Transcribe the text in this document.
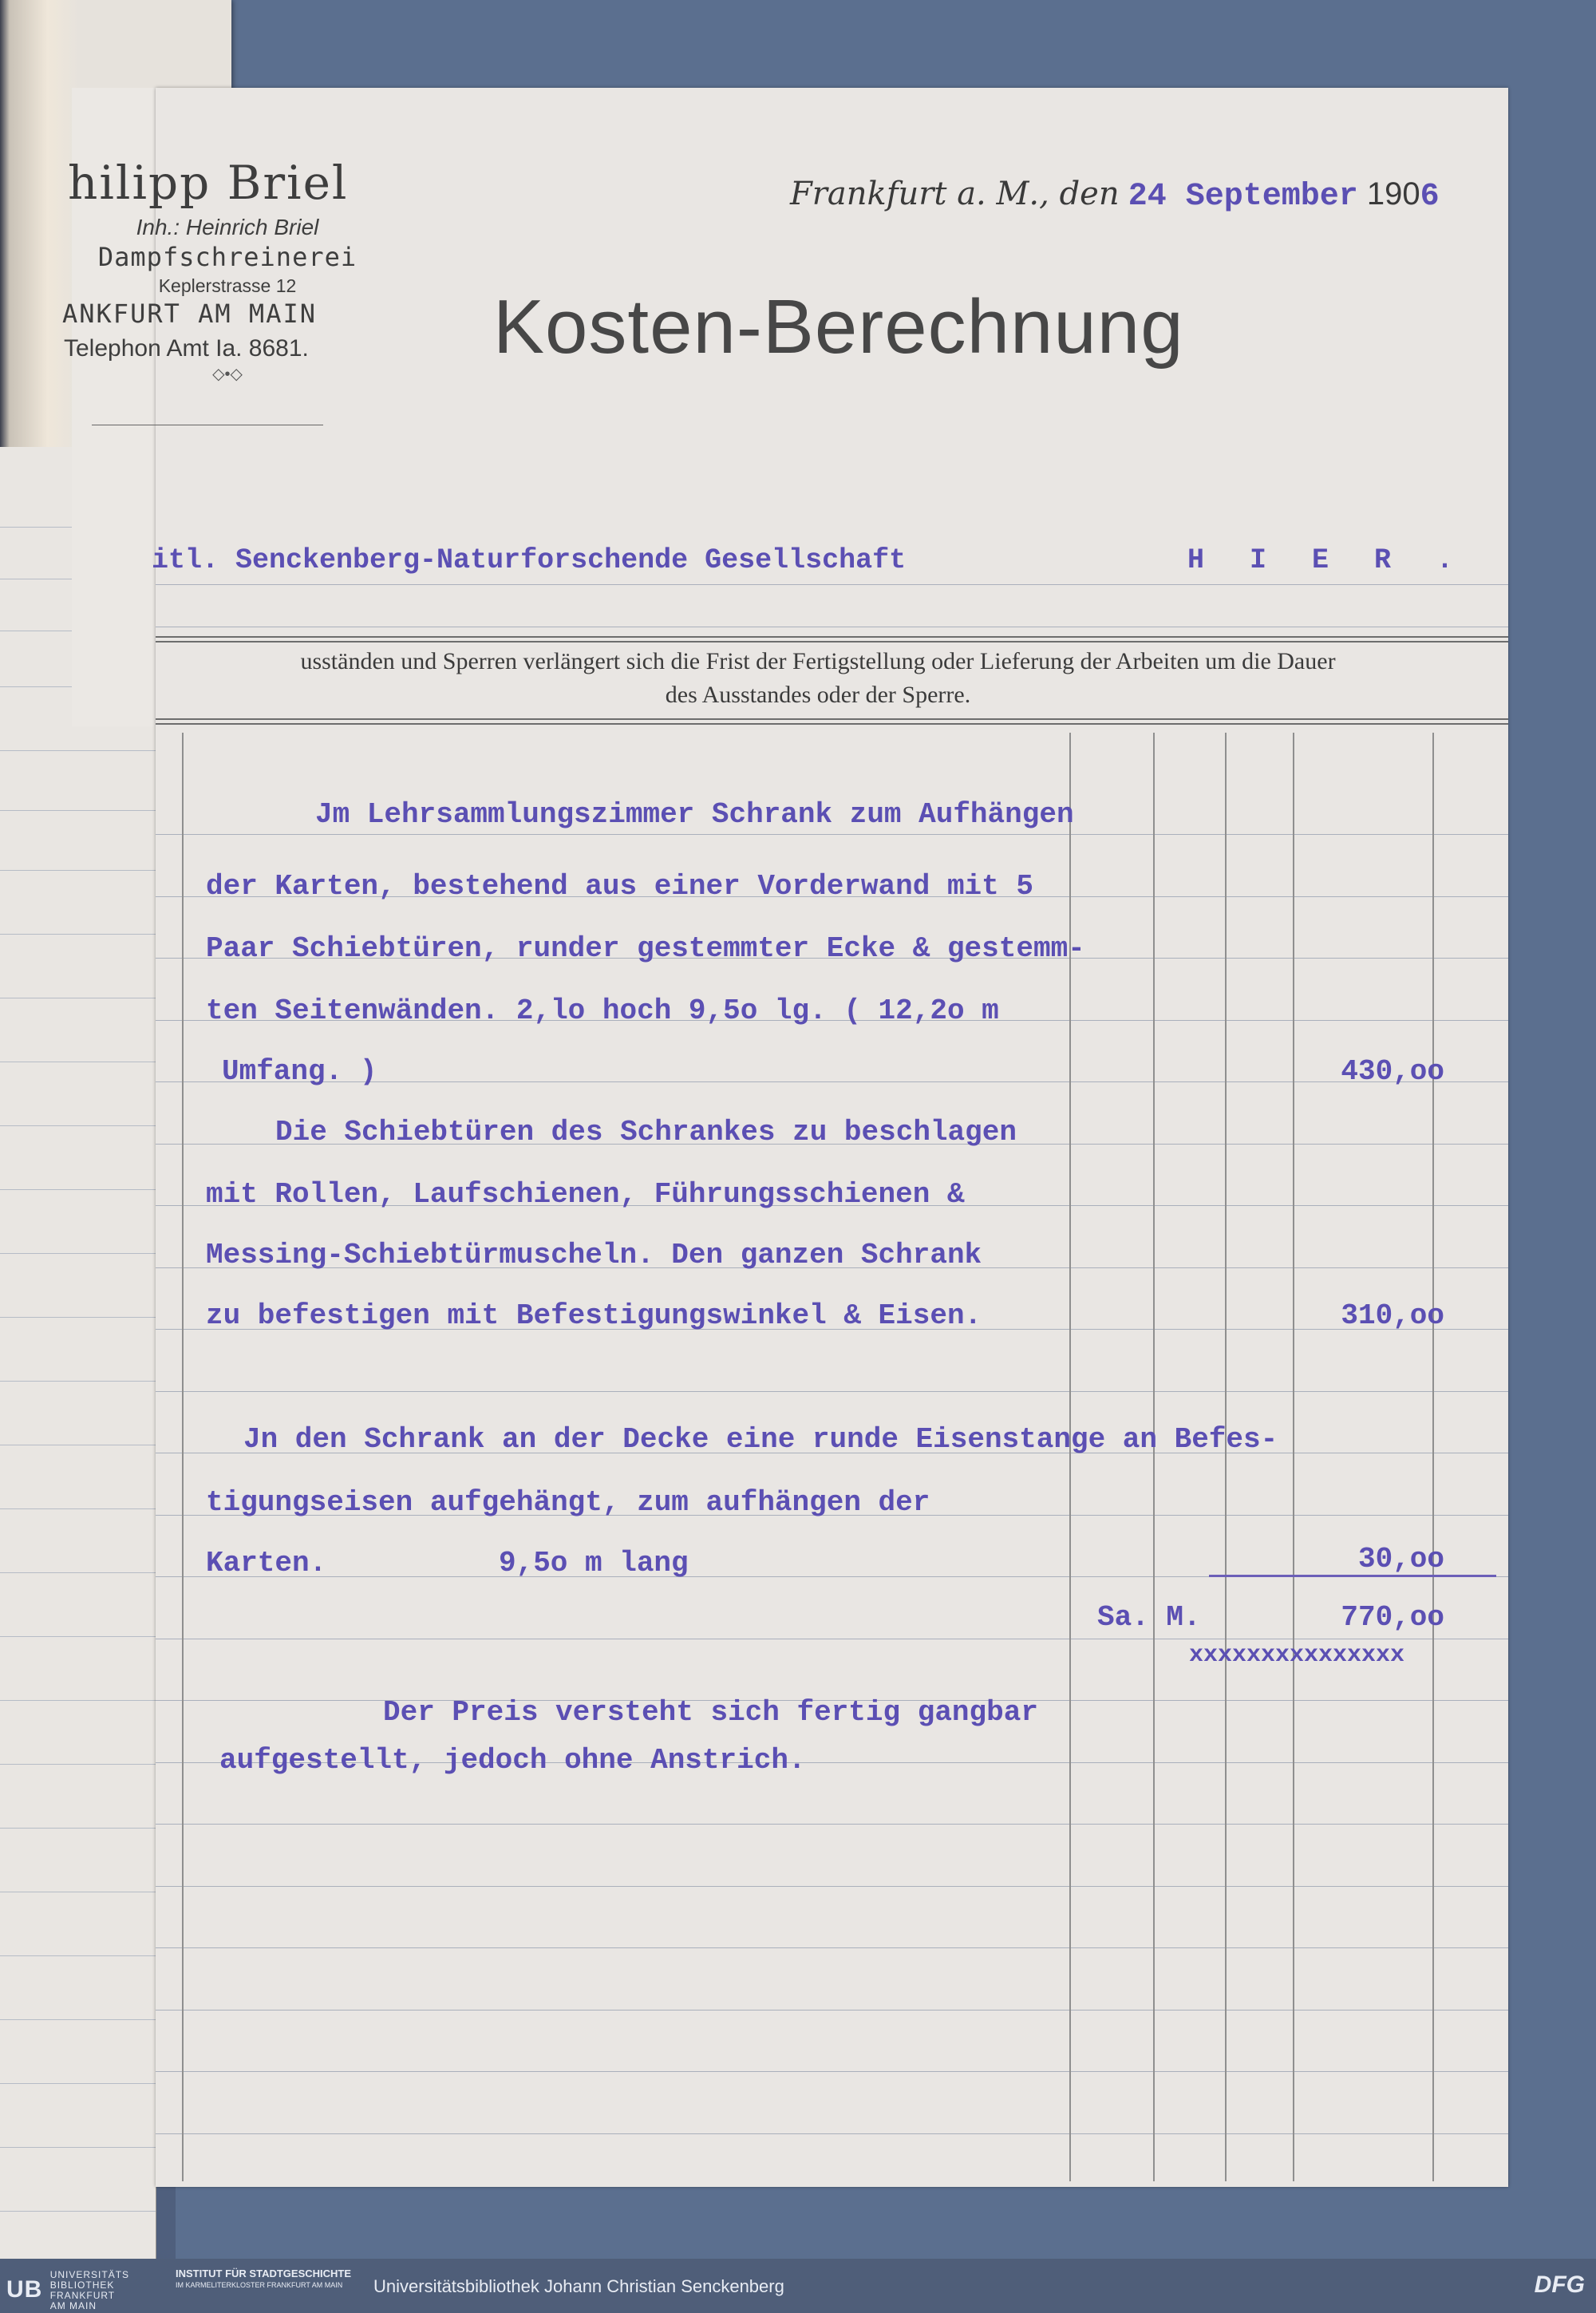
hilipp Briel
Inh.: Heinrich Briel
Dampfschreinerei
Keplerstrasse 12
ANKFURT AM MAIN
Telephon Amt Ia. 8681.
◇•◇
Frankfurt a. M., den 24 September 1906
Kosten-Berechnung
itl. Senckenberg-Naturforschende Gesellschaft	H I E R .
usständen und Sperren verlängert sich die Frist der Fertigstellung oder Lieferung der Arbeiten um die Dauer
des Ausstandes oder der Sperre.
Jm Lehrsammlungszimmer Schrank zum Aufhängen
der Karten, bestehend aus einer Vorderwand mit 5
Paar Schiebtüren, runder gestemmter Ecke & gestemm-
ten Seitenwänden. 2,lo hoch 9,5o lg. ( 12,2o m
Umfang. )	430,oo
Die Schiebtüren des Schrankes zu beschlagen
mit Rollen, Laufschienen, Führungsschienen &
Messing-Schiebtürmuscheln. Den ganzen Schrank
zu befestigen mit Befestigungswinkel & Eisen.	310,oo
Jn den Schrank an der Decke eine runde Eisenstange an Befes-
tigungseisen aufgehängt, zum aufhängen der
Karten.	9,5o m lang	30,oo
Sa. M.	770,oo
xxxxxxxxxxxxxxx
Der Preis versteht sich fertig gangbar
aufgestellt, jedoch ohne Anstrich.
UB UNIVERSITÄTS BIBLIOTHEK FRANKFURT AM MAIN
INSTITUT FÜR STADTGESCHICHTE
IM KARMELITERKLOSTER FRANKFURT AM MAIN	Universitätsbibliothek Johann Christian Senckenberg	DFG
